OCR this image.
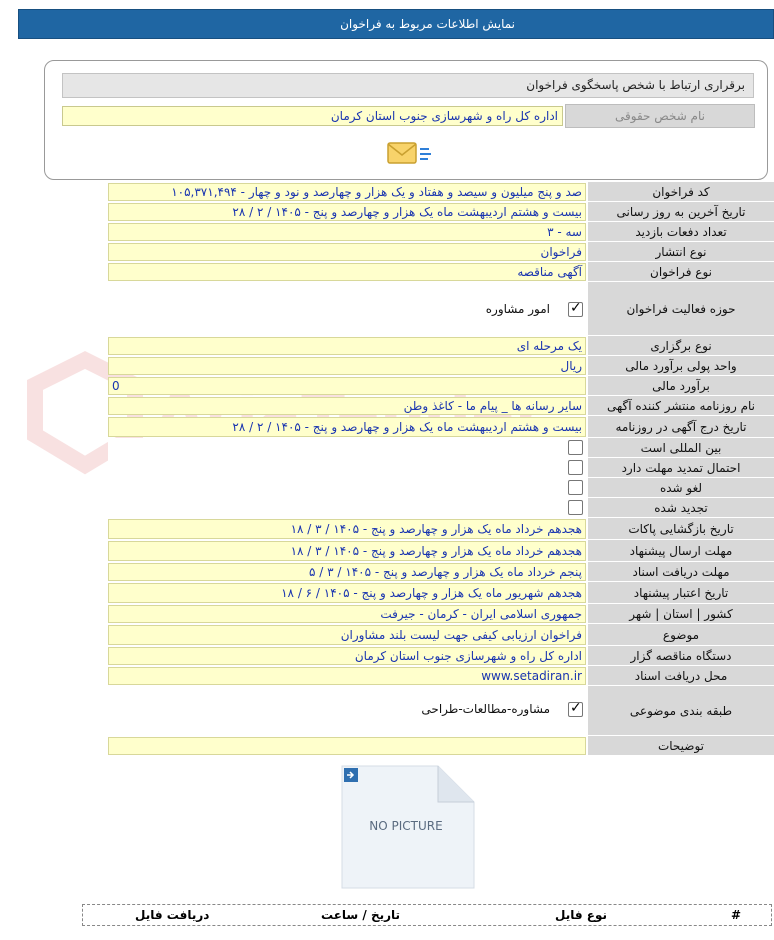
نمایش اطلاعات مربوط به فراخوان
برقراری ارتباط با شخص پاسخگوی فراخوان
نام شخص حقوقی
اداره کل راه و شهرسازی جنوب استان کرمان
کد فراخوان
۱۰۵,۳۷۱,۴۹۴ - صد و پنج میلیون و سیصد و هفتاد و یک هزار و چهارصد و نود و چهار
تاریخ آخرین به روز رسانی
۲۸ / ۲ / ۱۴۰۵ - بیست و هشتم اردیبهشت ماه یک هزار و چهارصد و پنج
تعداد دفعات بازدید
۳ - سه
نوع انتشار
فراخوان
نوع فراخوان
آگهی مناقصه
حوزه فعالیت فراخوان
✓
امور مشاوره
نوع برگزاری
یک مرحله ای
واحد پولی برآورد مالی
ریال
برآورد مالی
0
نام روزنامه منتشر کننده آگهی
سایر رسانه ها _ پیام ما - کاغذ وطن
تاریخ درج آگهی در روزنامه
۲۸ / ۲ / ۱۴۰۵ - بیست و هشتم اردیبهشت ماه یک هزار و چهارصد و پنج
بین المللی است
احتمال تمدید مهلت دارد
لغو شده
تجدید شده
تاریخ بازگشایی پاکات
۱۸ / ۳ / ۱۴۰۵ - هجدهم خرداد ماه یک هزار و چهارصد و پنج
مهلت ارسال پیشنهاد
۱۸ / ۳ / ۱۴۰۵ - هجدهم خرداد ماه یک هزار و چهارصد و پنج
مهلت دریافت اسناد
۵ / ۳ / ۱۴۰۵ - پنجم خرداد ماه یک هزار و چهارصد و پنج
تاریخ اعتبار پیشنهاد
۱۸ / ۶ / ۱۴۰۵ - هجدهم شهریور ماه یک هزار و چهارصد و پنج
کشور | استان | شهر
جمهوری اسلامی ایران - کرمان - جیرفت
موضوع
فراخوان ارزیابی کیفی جهت لیست بلند مشاوران
دستگاه مناقصه گزار
اداره کل راه و شهرسازی جنوب استان کرمان
محل دریافت اسناد
www.setadiran.ir
طبقه بندی موضوعی
✓
مشاوره-مطالعات-طراحی
توضیحات
NO PICTURE
#
نوع فایل
تاریخ / ساعت
دریافت فایل
